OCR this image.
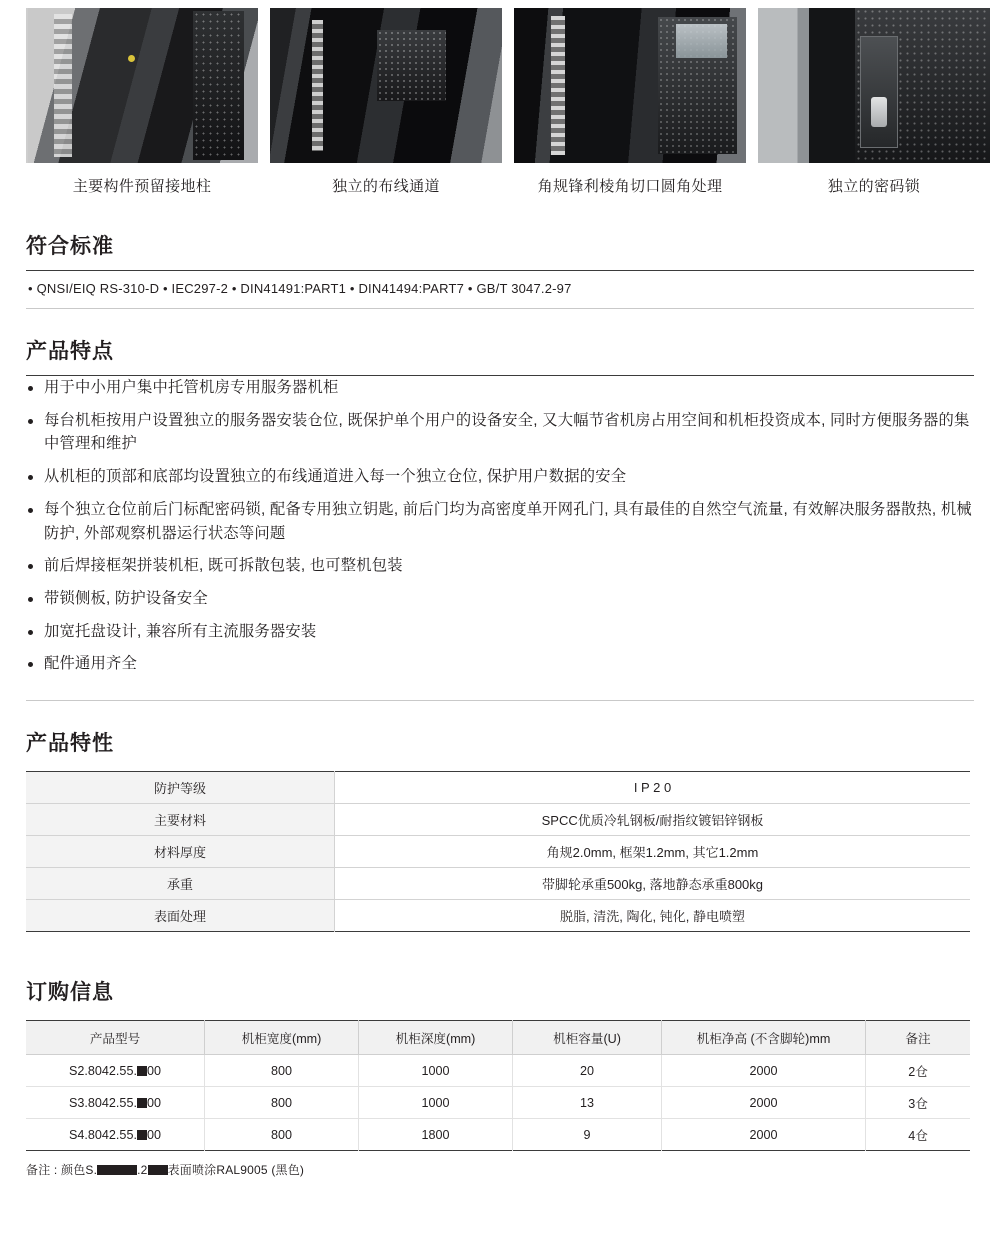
主要构件预留接地柱	独立的布线通道	角规锋利棱角切口圆角处理	独立的密码锁
符合标准
• QNSI/EIQ RS-310-D • IEC297-2 • DIN41491:PART1 • DIN41494:PART7 • GB/T 3047.2-97
产品特点
用于中小用户集中托管机房专用服务器机柜
每台机柜按用户设置独立的服务器安装仓位, 既保护单个用户的设备安全, 又大幅节省机房占用空间和机柜投资成本, 同时方便服务器的集中管理和维护
从机柜的顶部和底部均设置独立的布线通道进入每一个独立仓位, 保护用户数据的安全
每个独立仓位前后门标配密码锁, 配备专用独立钥匙, 前后门均为高密度单开网孔门, 具有最佳的自然空气流量, 有效解决服务器散热, 机械防护, 外部观察机器运行状态等问题
前后焊接框架拼装机柜, 既可拆散包装, 也可整机包装
带锁侧板, 防护设备安全
加宽托盘设计, 兼容所有主流服务器安装
配件通用齐全
产品特性
防护等级	I P 2 0
主要材料	SPCC优质冷轧钢板/耐指纹镀铝锌钢板
材料厚度	角规2.0mm, 框架1.2mm, 其它1.2mm
承重	带脚轮承重500kg, 落地静态承重800kg
表面处理	脱脂, 清洗, 陶化, 钝化, 静电喷塑
订购信息
产品型号	机柜宽度(mm)	机柜深度(mm)	机柜容量(U)	机柜净高 (不含脚轮)mm	备注
S2.8042.55. 00	800	1000	20	2000	2仓
S3.8042.55. 00	800	1000	13	2000	3仓
S4.8042.55. 00	800	1800	9	2000	4仓
备注 : 颜色S.	.2 表面喷涂RAL9005 (黑色)
